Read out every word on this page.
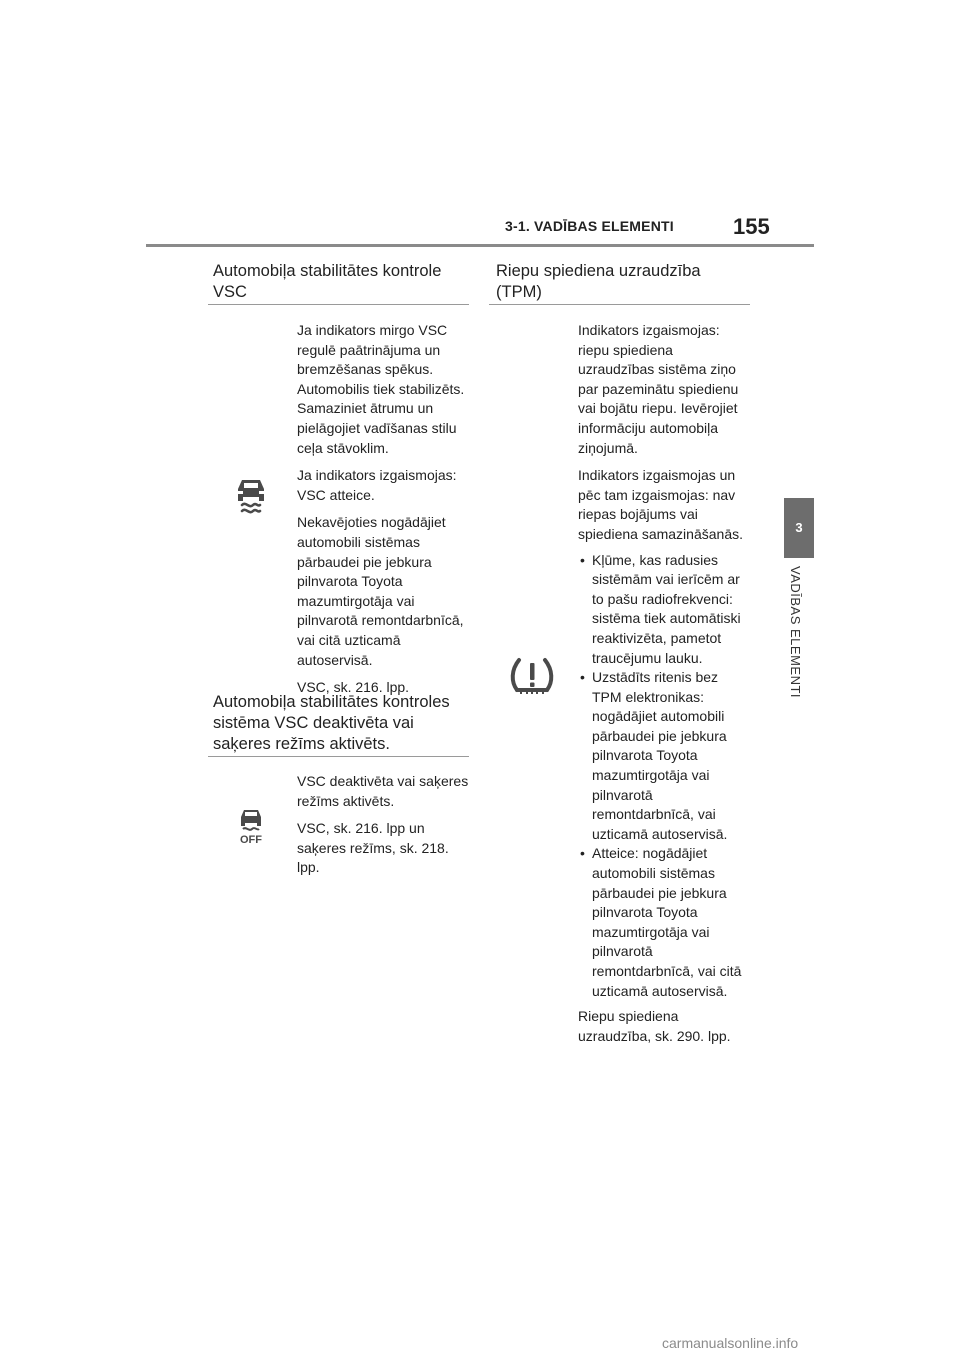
3-1. VADĪBAS ELEMENTI	155
3
VADĪBAS ELEMENTI
Automobiļa stabilitātes kontrole VSC

Ja indikators mirgo VSC regulē paātrinājuma un bremzēšanas spēkus. Automobilis tiek stabilizēts. Samaziniet ātrumu un pielāgojiet vadīšanas stilu ceļa stāvoklim.

Ja indikators izgaismojas: VSC atteice.

Nekavējoties nogādājiet automobili sistēmas pārbaudei pie jebkura pilnvarota Toyota mazumtirgotāja vai pilnvarotā remontdarbnīcā, vai citā uzticamā autoservisā.

VSC, sk. 216. lpp.

Automobiļa stabilitātes kontroles sistēma VSC deaktivēta vai saķeres režīms aktivēts.
OFF

VSC deaktivēta vai saķeres režīms aktivēts.

VSC, sk. 216. lpp un saķeres režīms, sk. 218. lpp.

Riepu spiediena uzraudzība (TPM)

Indikators izgaismojas: riepu spiediena uzraudzības sistēma ziņo par pazeminātu spiedienu vai bojātu riepu. Ievērojiet informāciju automobiļa ziņojumā.

Indikators izgaismojas un pēc tam izgaismojas: nav riepas bojājums vai spiediena samazināšanās.

• Kļūme, kas radusies sistēmām vai ierīcēm ar to pašu radiofrekvenci: sistēma tiek automātiski reaktivizēta, pametot traucējumu lauku.
• Uzstādīts ritenis bez TPM elektronikas: nogādājiet automobili pārbaudei pie jebkura pilnvarota Toyota mazumtirgotāja vai pilnvarotā remontdarbnīcā, vai uzticamā autoservisā.
• Atteice: nogādājiet automobili sistēmas pārbaudei pie jebkura pilnvarota Toyota mazumtirgotāja vai pilnvarotā remontdarbnīcā, vai citā uzticamā autoservisā.

Riepu spiediena uzraudzība, sk. 290. lpp.

carmanualsonline.info
